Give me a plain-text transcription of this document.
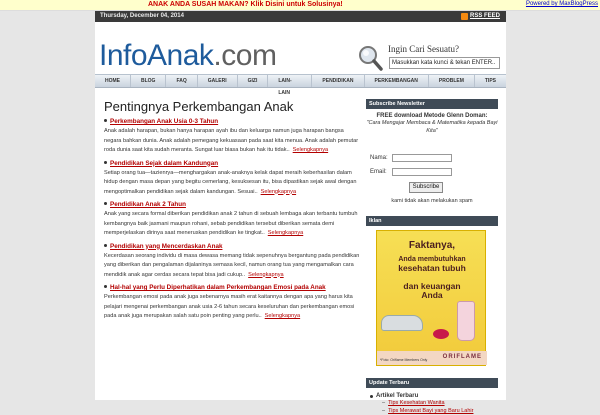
ANAK ANDA SUSAH MAKAN? Klik Disini untuk Solusinya!	Powered by MaxBlogPress
Thursday, December 04, 2014	RSS FEED
InfoAnak.com	Ingin Cari Sesuatu?
Masukkan kata kunci & tekan ENTER..
HOME	BLOG	FAQ	GALERI	GIZI	LAIN-LAIN
PENDIDIKAN	PERKEMBANGAN	PROBLEM	TIPS
Pentingnya Perkembangan Anak
Perkembangan Anak Usia 0-3 Tahun
Anak adalah harapan, bukan hanya harapan ayah ibu dan keluarga namun juga harapan bangsa negara bahkan dunia. Anak adalah pemegang kekuasaan pada saat kita menua. Anak adalah pemutar roda dunia saat kita sudah meranta. Sungat luar biasa bukan hak itu tidak.. Selengkapnya
Pendidikan Sejak dalam Kandungan
Setiap orang tua—tazienrya—menghargakan anak-anaknya kelak dapat meraih keberhasilan dalam hidup dengan masa depan yang begitu cemerlang, kesuksesan itu, bisa dipastikan sejak awal dengan mengoptimalkan pendidikan sejak dalam kandungan. Sesuai.. Selengkapnya
Pendidikan Anak 2 Tahun
Anak yang secara formal diberikan pendidikan anak 2 tahun di sebuah lembaga akan terbantu tumbuh kembangnya baik jasmani maupun rohani, sebab pendidikan tersebut diberikan semata demi memperjelaskan dirinya saat meneruskan pendidikan ke tingkat.. Selengkapnya
Pendidikan yang Mencerdaskan Anak
Kecerdasan seorang individu di masa dewasa memang tidak sepenuhnya bergantung pada pendidikan yang diberikan dan pengalaman dijalaninya semasa kecil, namun orang tua yang mengamalkan cara mendidik anak agar cerdas secara tepat bisa jadi cukup.. Selengkapnya
Hal-hal yang Perlu Diperhatikan dalam Perkembangan Emosi pada Anak
Perkembangan emosi pada anak juga sebenarnya masih erat kaitannya dengan apa yang harus kita pelajari mengenai perkembangan anak usia 2-6 tahun secara keseluruhan dan perkembangan emosi pada anak juga merupakan salah satu poin penting yang perlu.. Selengkapnya
Subscribe Newsletter
FREE download Metode Glenn Doman:
"Cara Mengajar Membaca & Matematika kepada Bayi Kita"
Nama:
Email:
Subscribe
kami tidak akan melakukan spam
Iklan
Faktanya,
Anda membutuhkan
kesehatan tubuh
dan keuangan
Anda
ORIFLAME
*Foto: Oriflame Members Only
Update Terbaru
Artikel Terbaru
– Tips Kesehatan Wanita
– Tips Merawat Bayi yang Baru Lahir
